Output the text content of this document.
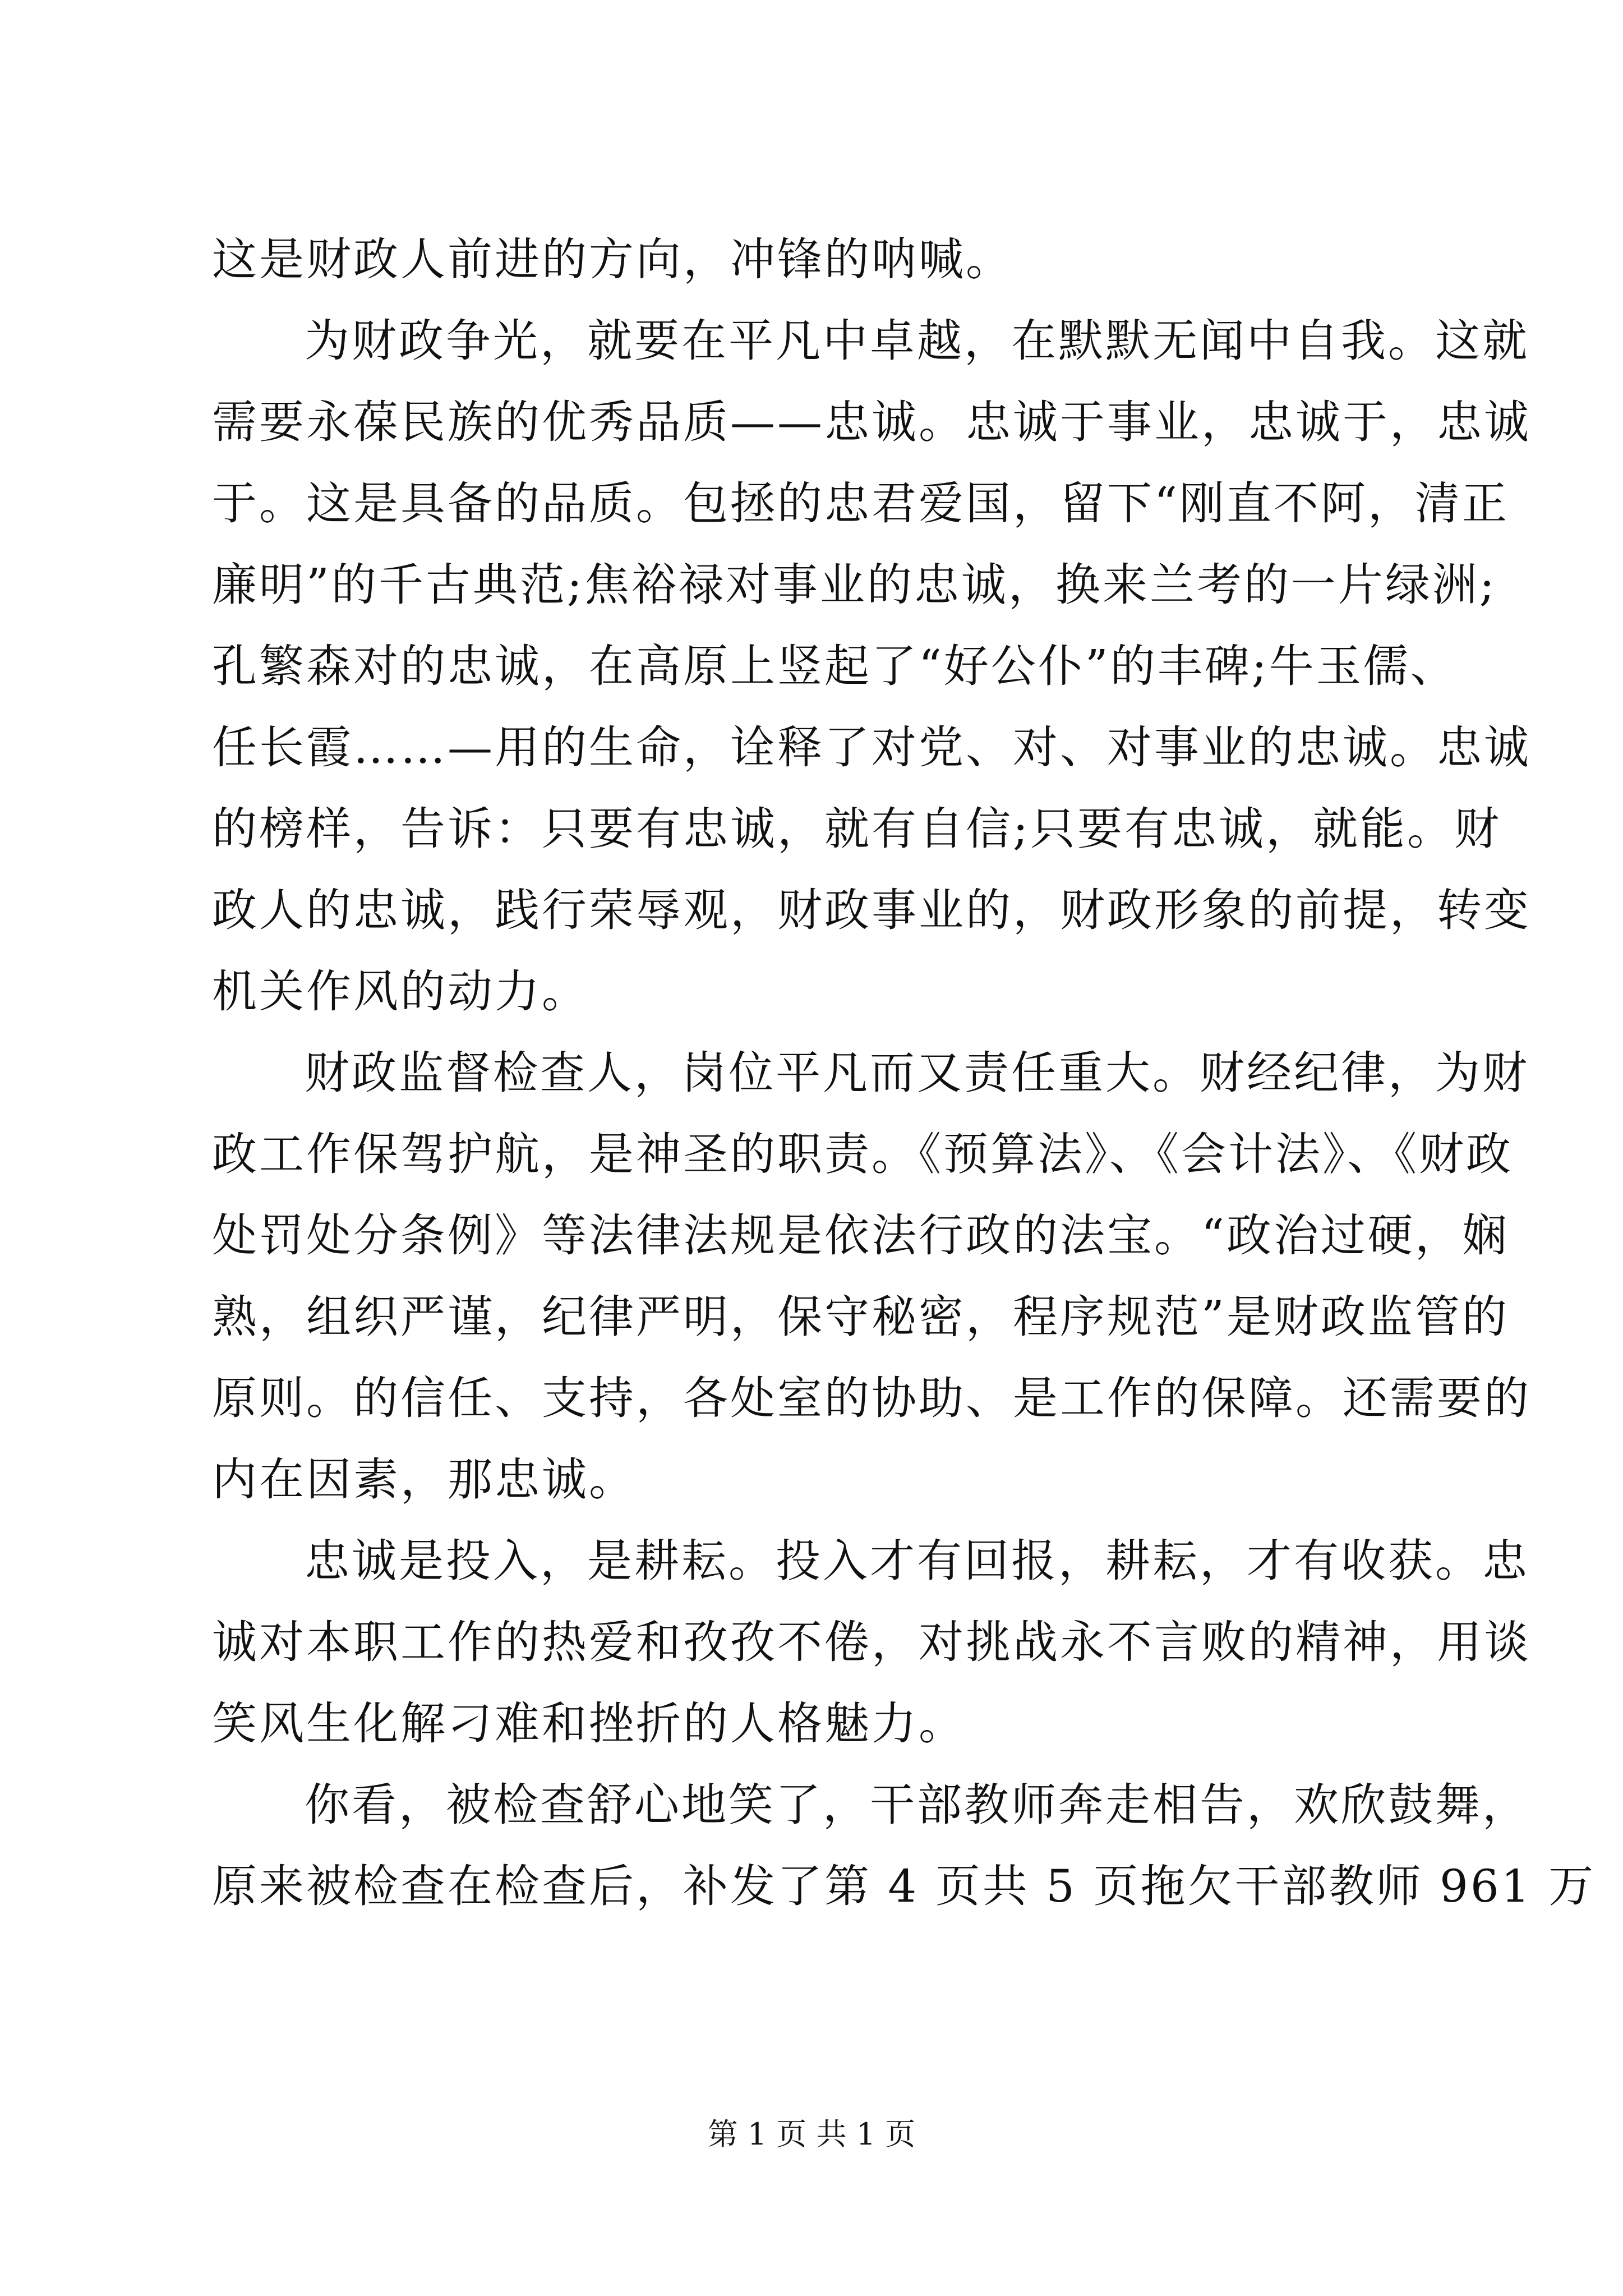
这是财政人前进的方向，冲锋的呐喊。
为财政争光，就要在平凡中卓越，在默默无闻中自我。这就
需要永葆民族的优秀品质——忠诚。忠诚于事业，忠诚于，忠诚
于。这是具备的品质。包拯的忠君爱国，留下“刚直不阿，清正
廉明”的千古典范;焦裕禄对事业的忠诚，换来兰考的一片绿洲;
孔繁森对的忠诚，在高原上竖起了“好公仆”的丰碑;牛玉儒、
任长霞……—用的生命，诠释了对党、对、对事业的忠诚。忠诚
的榜样，告诉：只要有忠诚，就有自信;只要有忠诚，就能。财
政人的忠诚，践行荣辱观，财政事业的，财政形象的前提，转变
机关作风的动力。
财政监督检查人，岗位平凡而又责任重大。财经纪律，为财
政工作保驾护航，是神圣的职责。《预算法》、《会计法》、《财政
处罚处分条例》等法律法规是依法行政的法宝。“政治过硬，娴
熟，组织严谨，纪律严明，保守秘密，程序规范”是财政监管的
原则。的信任、支持，各处室的协助、是工作的保障。还需要的
内在因素，那忠诚。
忠诚是投入，是耕耘。投入才有回报，耕耘，才有收获。忠
诚对本职工作的热爱和孜孜不倦，对挑战永不言败的精神，用谈
笑风生化解刁难和挫折的人格魅力。
你看，被检查舒心地笑了，干部教师奔走相告，欢欣鼓舞，
原来被检查在检查后，补发了第 4 页共 5 页拖欠干部教师 961 万
第 1 页 共 1 页
